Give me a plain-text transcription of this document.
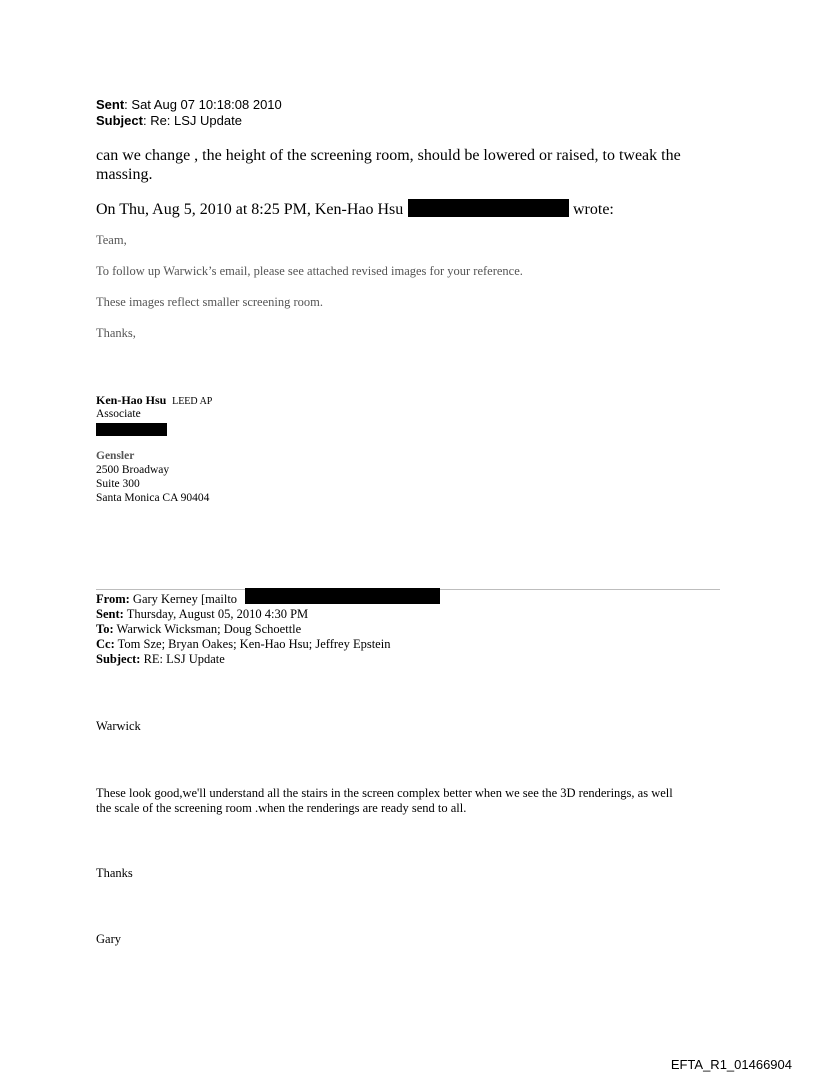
Sent: Sat Aug 07 10:18:08 2010
Subject: Re: LSJ Update
can we change , the height of the screening room, should be lowered or raised, to tweak the
massing.
On Thu, Aug 5, 2010 at 8:25 PM, Ken-Hao Hsu	wrote:
Team,
To follow up Warwick’s email, please see attached revised images for your reference.
These images reflect smaller screening room.
Thanks,
Ken-Hao Hsu LEED AP
Associate
Gensler
2500 Broadway
Suite 300
Santa Monica CA 90404
From: Gary Kerney [mailto
Sent: Thursday, August 05, 2010 4:30 PM
To: Warwick Wicksman; Doug Schoettle
Cc: Tom Sze; Bryan Oakes; Ken-Hao Hsu; Jeffrey Epstein
Subject: RE: LSJ Update
Warwick
These look good,we'll understand all the stairs in the screen complex better when we see the 3D renderings, as well
the scale of the screening room .when the renderings are ready send to all.
Thanks
Gary
EFTA_R1_01466904
